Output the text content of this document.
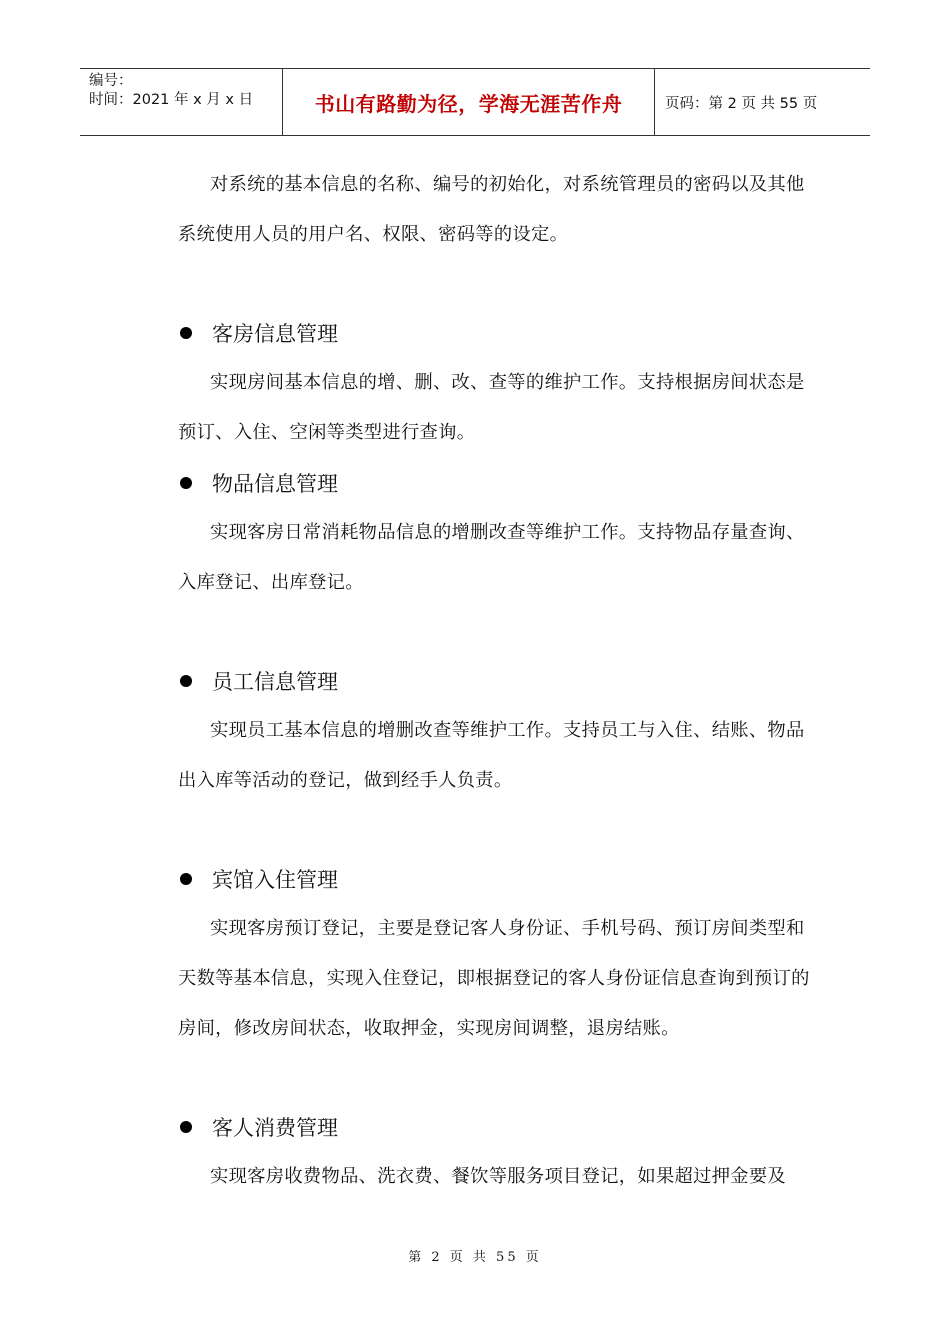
编号：
时间：2021 年 x 月 x 日	书山有路勤为径，学海无涯苦作舟	页码：第 2 页 共 55 页

对系统的基本信息的名称、编号的初始化，对系统管理员的密码以及其他系统使用人员的用户名、权限、密码等的设定。

客房信息管理

实现房间基本信息的增、删、改、查等的维护工作。支持根据房间状态是预订、入住、空闲等类型进行查询。

物品信息管理

实现客房日常消耗物品信息的增删改查等维护工作。支持物品存量查询、入库登记、出库登记。

员工信息管理

实现员工基本信息的增删改查等维护工作。支持员工与入住、结账、物品出入库等活动的登记，做到经手人负责。

宾馆入住管理

实现客房预订登记，主要是登记客人身份证、手机号码、预订房间类型和天数等基本信息，实现入住登记，即根据登记的客人身份证信息查询到预订的房间，修改房间状态，收取押金，实现房间调整，退房结账。

客人消费管理

实现客房收费物品、洗衣费、餐饮等服务项目登记，如果超过押金要及

第 2 页 共 55 页
